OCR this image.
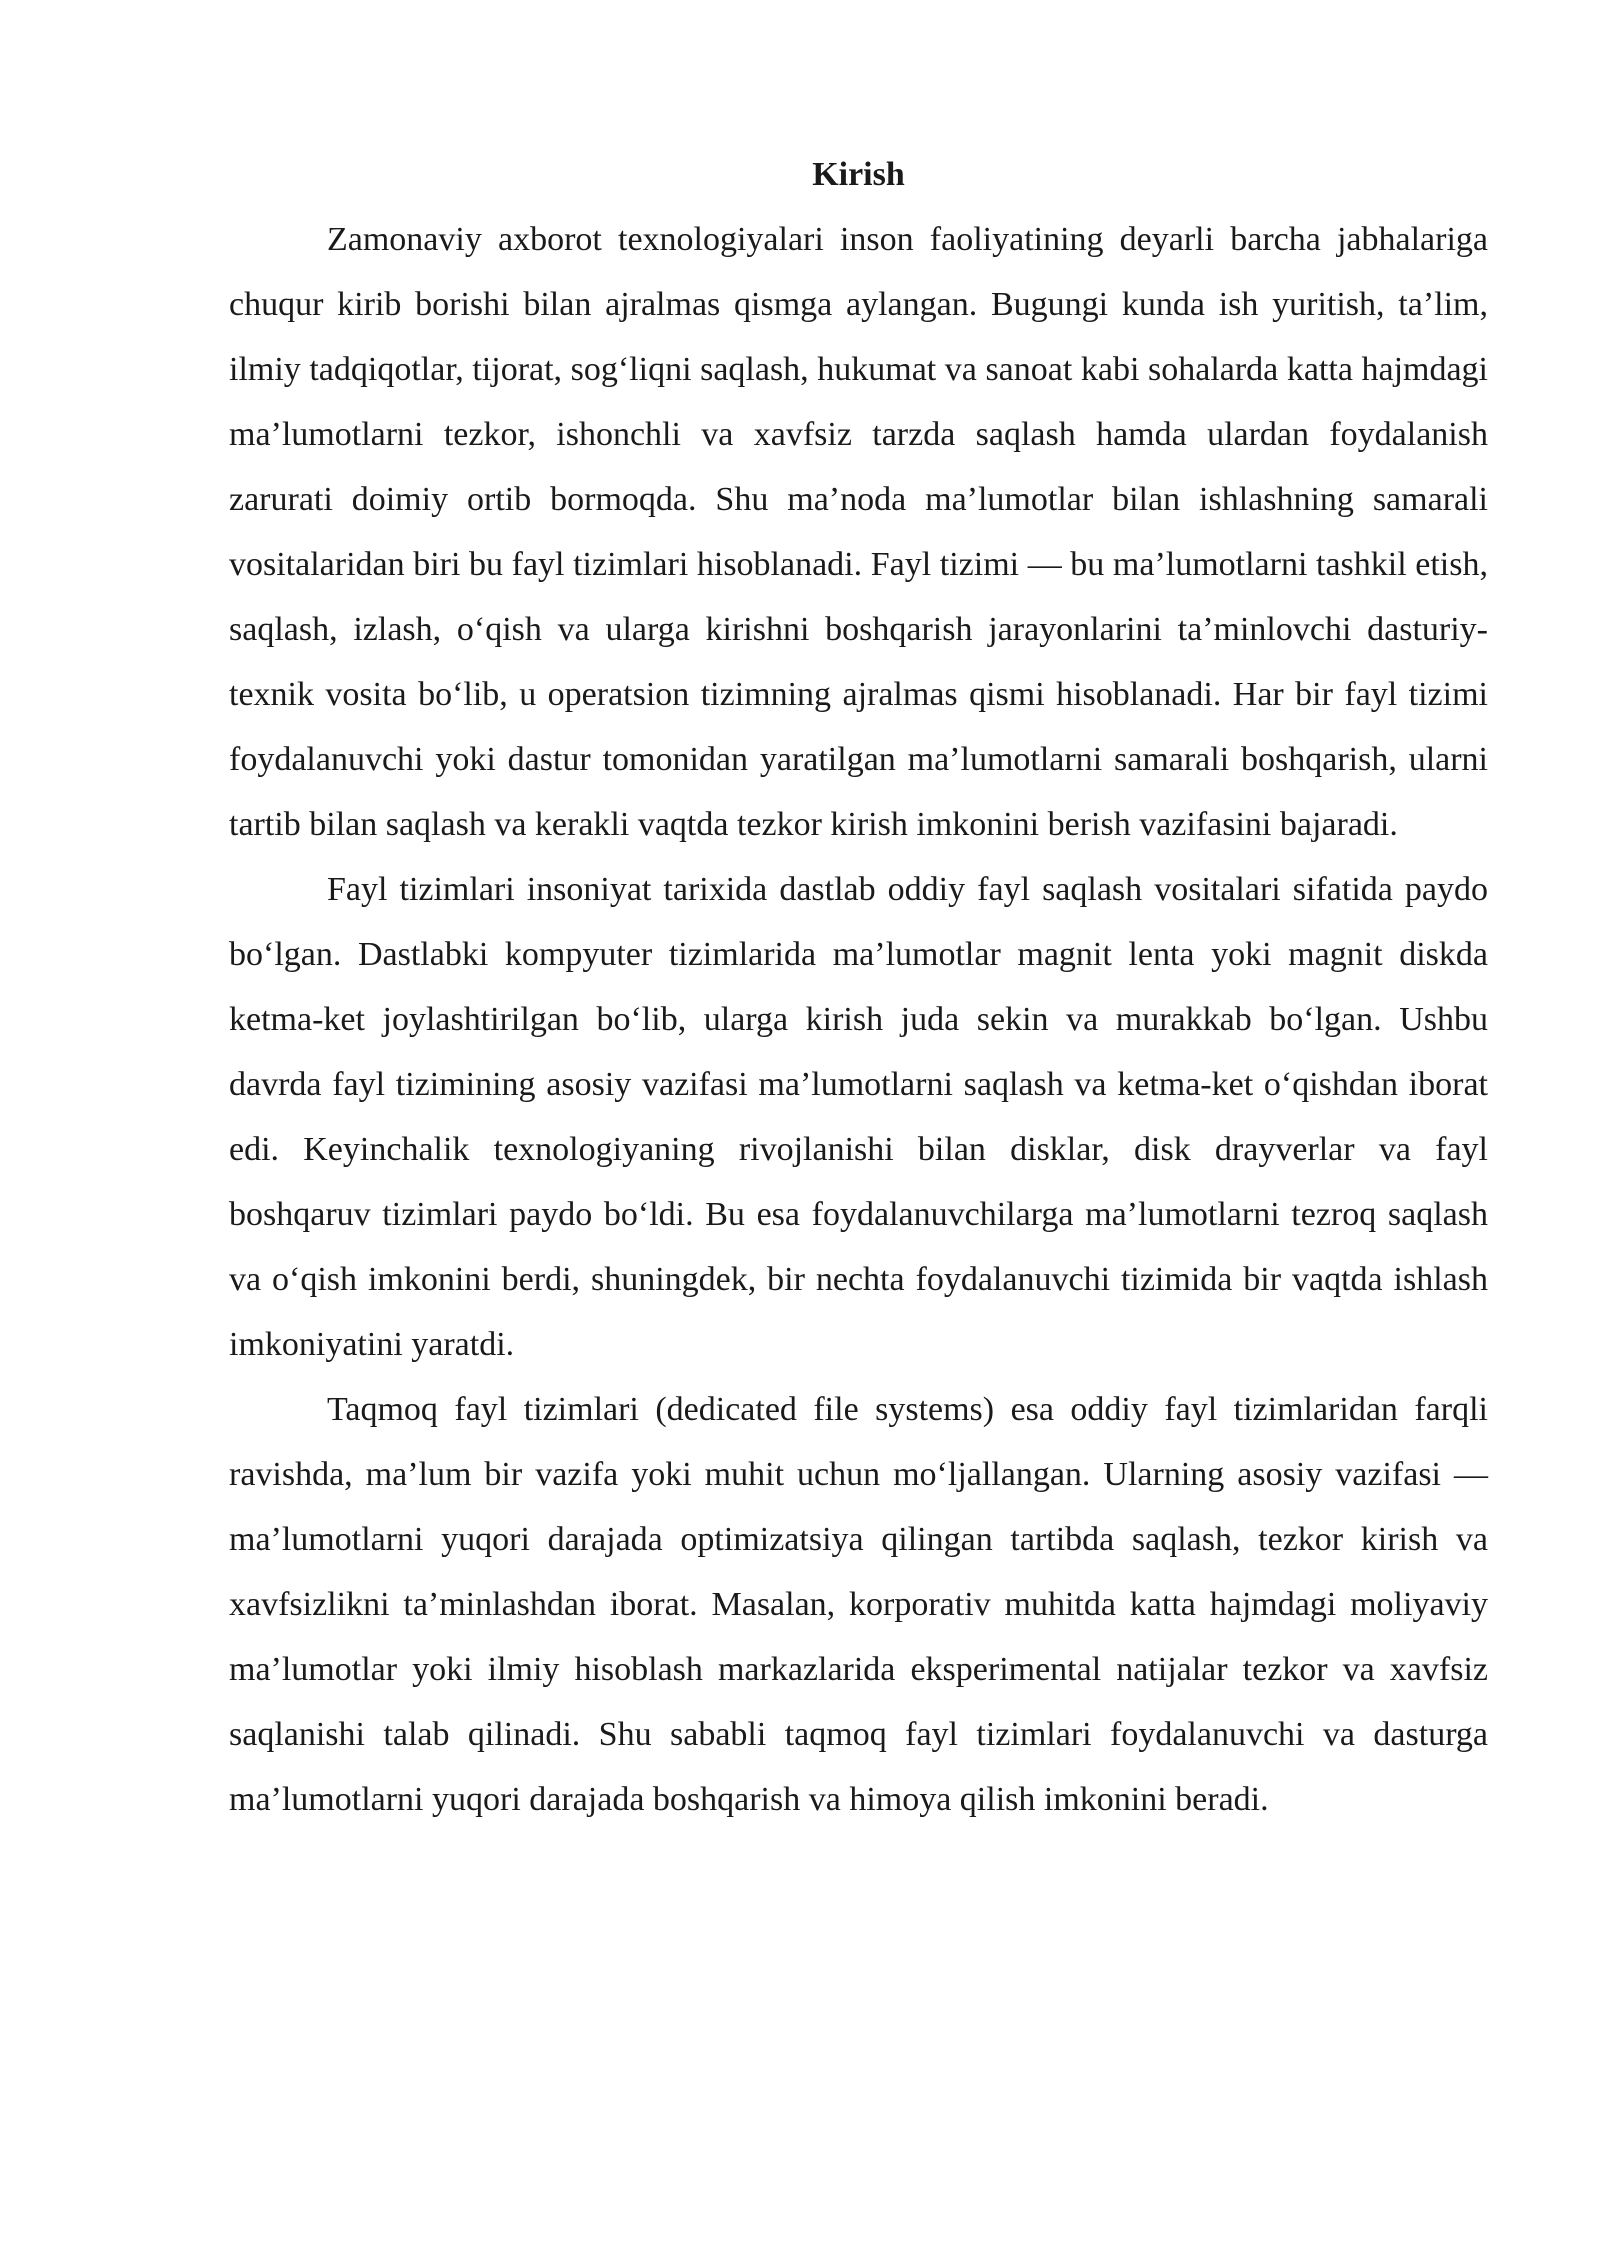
Kirish

Zamonaviy axborot texnologiyalari inson faoliyatining deyarli barcha jabhalariga chuqur kirib borishi bilan ajralmas qismga aylangan. Bugungi kunda ish yuritish, ta’lim, ilmiy tadqiqotlar, tijorat, sog‘liqni saqlash, hukumat va sanoat kabi sohalarda katta hajmdagi ma’lumotlarni tezkor, ishonchli va xavfsiz tarzda saqlash hamda ulardan foydalanish zarurati doimiy ortib bormoqda. Shu ma’noda ma’lumotlar bilan ishlashning samarali vositalaridan biri bu fayl tizimlari hisoblanadi. Fayl tizimi — bu ma’lumotlarni tashkil etish, saqlash, izlash, o‘qish va ularga kirishni boshqarish jarayonlarini ta’minlovchi dasturiy-texnik vosita bo‘lib, u operatsion tizimning ajralmas qismi hisoblanadi. Har bir fayl tizimi foydalanuvchi yoki dastur tomonidan yaratilgan ma’lumotlarni samarali boshqarish, ularni tartib bilan saqlash va kerakli vaqtda tezkor kirish imkonini berish vazifasini bajaradi.

Fayl tizimlari insoniyat tarixida dastlab oddiy fayl saqlash vositalari sifatida paydo bo‘lgan. Dastlabki kompyuter tizimlarida ma’lumotlar magnit lenta yoki magnit diskda ketma-ket joylashtirilgan bo‘lib, ularga kirish juda sekin va murakkab bo‘lgan. Ushbu davrda fayl tizimining asosiy vazifasi ma’lumotlarni saqlash va ketma-ket o‘qishdan iborat edi. Keyinchalik texnologiyaning rivojlanishi bilan disklar, disk drayverlar va fayl boshqaruv tizimlari paydo bo‘ldi. Bu esa foydalanuvchilarga ma’lumotlarni tezroq saqlash va o‘qish imkonini berdi, shuningdek, bir nechta foydalanuvchi tizimida bir vaqtda ishlash imkoniyatini yaratdi.

Taqmoq fayl tizimlari (dedicated file systems) esa oddiy fayl tizimlaridan farqli ravishda, ma’lum bir vazifa yoki muhit uchun mo‘ljallangan. Ularning asosiy vazifasi — ma’lumotlarni yuqori darajada optimizatsiya qilingan tartibda saqlash, tezkor kirish va xavfsizlikni ta’minlashdan iborat. Masalan, korporativ muhitda katta hajmdagi moliyaviy ma’lumotlar yoki ilmiy hisoblash markazlarida eksperimental natijalar tezkor va xavfsiz saqlanishi talab qilinadi. Shu sababli taqmoq fayl tizimlari foydalanuvchi va dasturga ma’lumotlarni yuqori darajada boshqarish va himoya qilish imkonini beradi.
